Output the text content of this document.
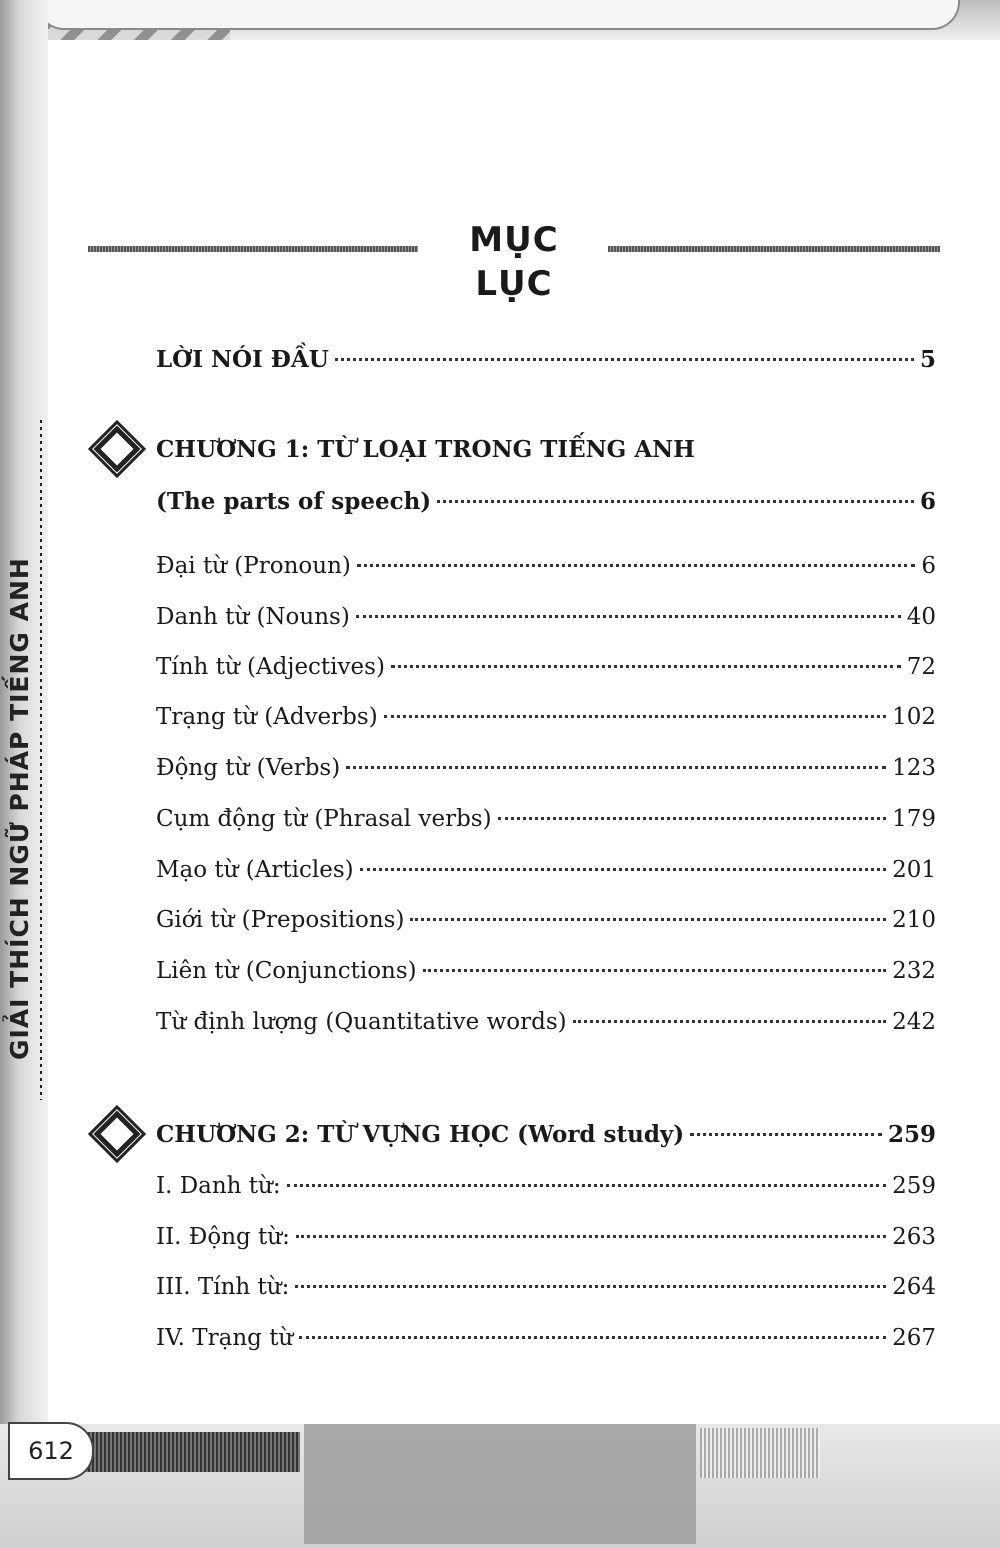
GIẢI THÍCH NGỮ PHÁP TIẾNG ANH
MỤC LỤC
LỜI NÓI ĐẦU	5
CHƯƠNG 1: TỪ LOẠI TRONG TIẾNG ANH
(The parts of speech)	6
Đại từ (Pronoun)	6
Danh từ (Nouns)	40
Tính từ (Adjectives)	72
Trạng từ (Adverbs)	102
Động từ (Verbs)	123
Cụm động từ (Phrasal verbs)	179
Mạo từ (Articles)	201
Giới từ (Prepositions)	210
Liên từ (Conjunctions)	232
Từ định lượng (Quantitative words)	242
CHƯƠNG 2: TỪ VỰNG HỌC (Word study)	259
I. Danh từ:	259
II. Động từ:	263
III. Tính từ:	264
IV. Trạng từ	267
612
